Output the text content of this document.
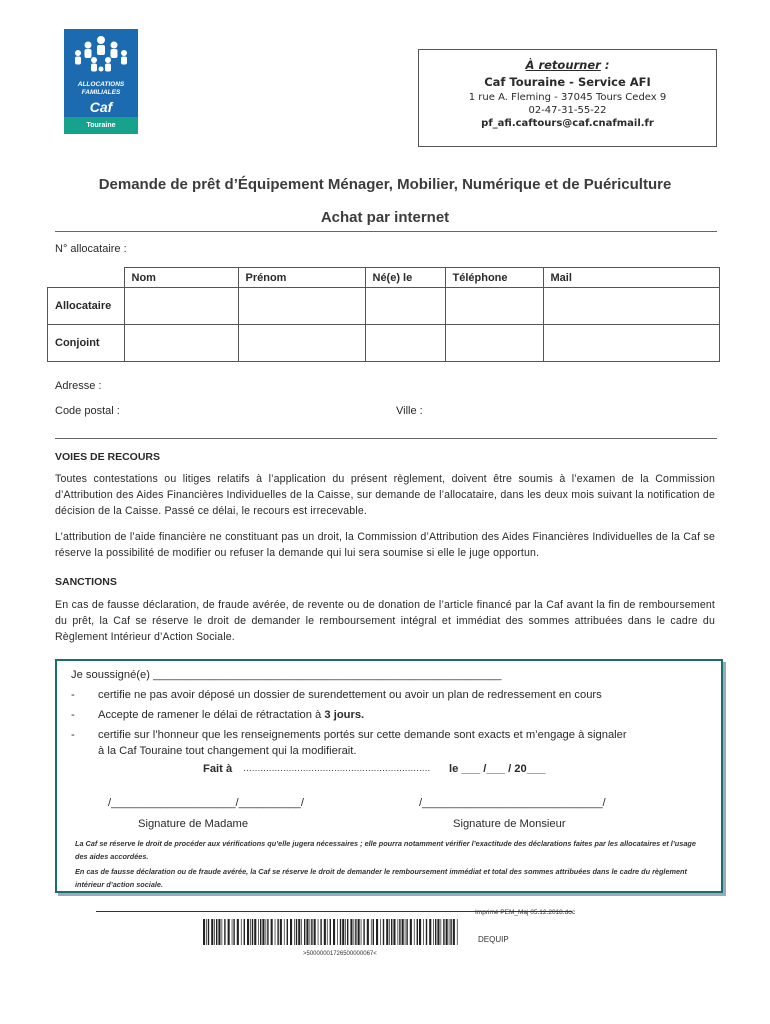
ALLOCATIONS
FAMILIALES
Caf
Touraine
À retourner :
Caf Touraine - Service AFI
1 rue A. Fleming - 37045 Tours Cedex 9
02-47-31-55-22
pf_afi.caftours@caf.cnafmail.fr
Demande de prêt d’Équipement Ménager, Mobilier, Numérique et de Puériculture
Achat par internet
N° allocataire :
	Nom	Prénom	Né(e) le	Téléphone	Mail
Allocataire					
Conjoint					
Adresse :
Code postal :	Ville :
VOIES DE RECOURS
Toutes contestations ou litiges relatifs à l’application du présent règlement, doivent être soumis à l’examen de la Commission d’Attribution des Aides Financières Individuelles de la Caisse, sur demande de l’allocataire, dans les deux mois suivant la notification de décision de la Caisse. Passé ce délai, le recours est irrecevable.
L’attribution de l’aide financière ne constituant pas un droit, la Commission d’Attribution des Aides Financières Individuelles de la Caf se réserve la possibilité de modifier ou refuser la demande qui lui sera soumise si elle le juge opportun.
SANCTIONS
En cas de fausse déclaration, de fraude avérée, de revente ou de donation de l’article financé par la Caf avant la fin de remboursement du prêt, la Caf se réserve le droit de demander le remboursement intégral et immédiat des sommes attribuées dans le cadre du Règlement Intérieur d’Action Sociale.
Je soussigné(e) ________________________________________________________
- certifie ne pas avoir déposé un dossier de surendettement ou avoir un plan de redressement en cours
- Accepte de ramener le délai de rétractation à 3 jours.
- certifie sur l’honneur que les renseignements portés sur cette demande sont exacts et m’engage à signaler
à la Caf Touraine tout changement qui la modifierait.
Fait à ………………………………………………………… le ___ /___ / 20___
/____________________/__________/	/_____________________________/
Signature de Madame	Signature de Monsieur
La Caf se réserve le droit de procéder aux vérifications qu’elle jugera nécessaires ; elle pourra notamment vérifier l’exactitude des déclarations faites par les allocataires et l’usage des aides accordées.
En cas de fausse déclaration ou de fraude avérée, la Caf se réserve le droit de demander le remboursement immédiat et total des sommes attribuées dans le cadre du règlement intérieur d’action sociale.
Imprimé PEM_Maj 05.12.2018.doc
DEQUIP
>50000001726500000067<
